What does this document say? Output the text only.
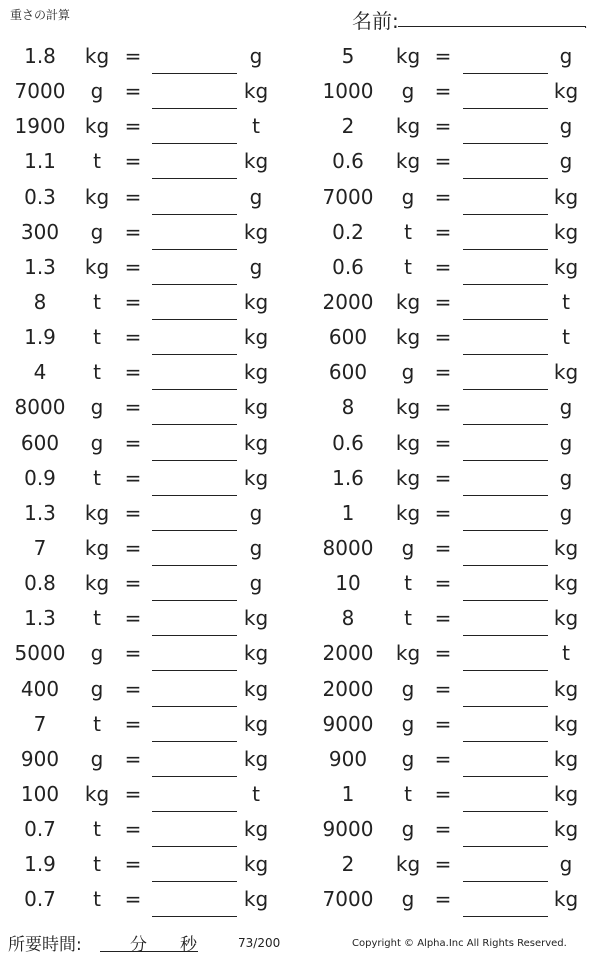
重さの計算	名前:	.
1.8	kg =	g	5	kg =	g
7000	g	=	kg	1000	g	=	kg
1900 kg =	t	2	kg =	g
1.1	t	=	kg	0.6	kg =	g
0.3	kg =	g	7000	g	=	kg
300	g	=	kg	0.2	t	=	kg
1.3	kg =	g	0.6	t	=	kg
8	t	=	kg	2000	kg =	t
1.9	t	=	kg	600	kg =	t
4	t	=	kg	600	g	=	kg
8000	g	=	kg	8	kg =	g
600	g	=	kg	0.6	kg =	g
0.9	t	=	kg	1.6	kg =	g
1.3	kg =	g	1	kg =	g
7	kg =	g	8000	g	=	kg
0.8	kg =	g	10	t	=	kg
1.3	t	=	kg	8	t	=	kg
5000	g	=	kg	2000	kg =	t
400	g	=	kg	2000	g	=	kg
7	t	=	kg	9000	g	=	kg
900	g	=	kg	900	g	=	kg
100	kg =	t	1	t	=	kg
0.7	t	=	kg	9000	g	=	kg
1.9	t	=	kg	2	kg =	g
0.7	t	=	kg	7000	g	=	kg
所要時間:	分 秒	73/200	Copyright © Alpha.Inc All Rights Reserved.
